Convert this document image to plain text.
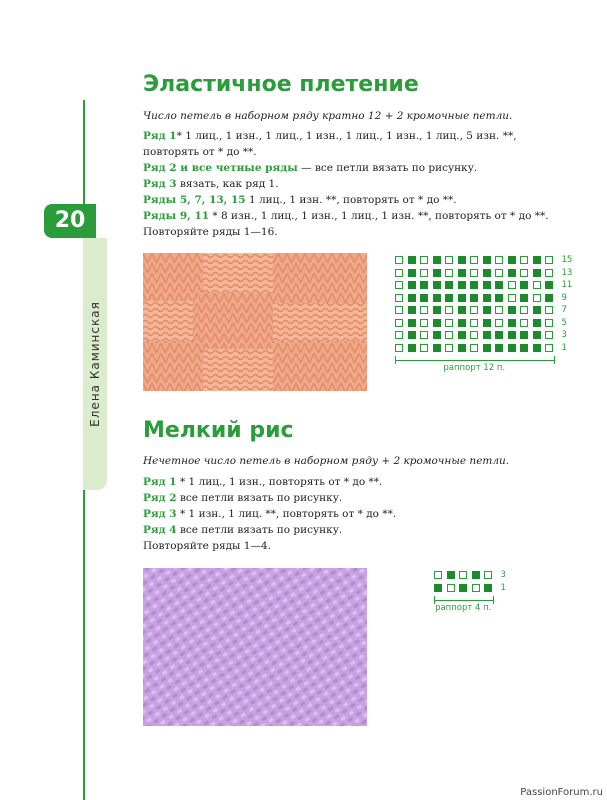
Елена Каминская
20
Эластичное плетение
Число петель в наборном ряду кратно 12 + 2 кромочные петли.
Ряд 1* 1 лиц., 1 изн., 1 лиц., 1 изн., 1 лиц., 1 изн., 1 лиц., 5 изн. **, повторять от * до **.
Ряд 2 и все четные ряды — все петли вязать по рисунку.
Ряд 3 вязать, как ряд 1.
Ряды 5, 7, 13, 15 1 лиц., 1 изн. **, повторять от * до **.
Ряды 9, 11 * 8 изн., 1 лиц., 1 изн., 1 лиц., 1 изн. **, повторять от * до **.
Повторяйте ряды 1—16.
15
13
11
9
7
5
3
1
раппорт 12 п.
Мелкий рис
Нечетное число петель в наборном ряду + 2 кромочные петли.
Ряд 1 * 1 лиц., 1 изн., повторять от * до **.
Ряд 2 все петли вязать по рисунку.
Ряд 3 * 1 изн., 1 лиц. **, повторять от * до **.
Ряд 4 все петли вязать по рисунку.
Повторяйте ряды 1—4.
3
1
раппорт 4 п.
PassionForum.ru
